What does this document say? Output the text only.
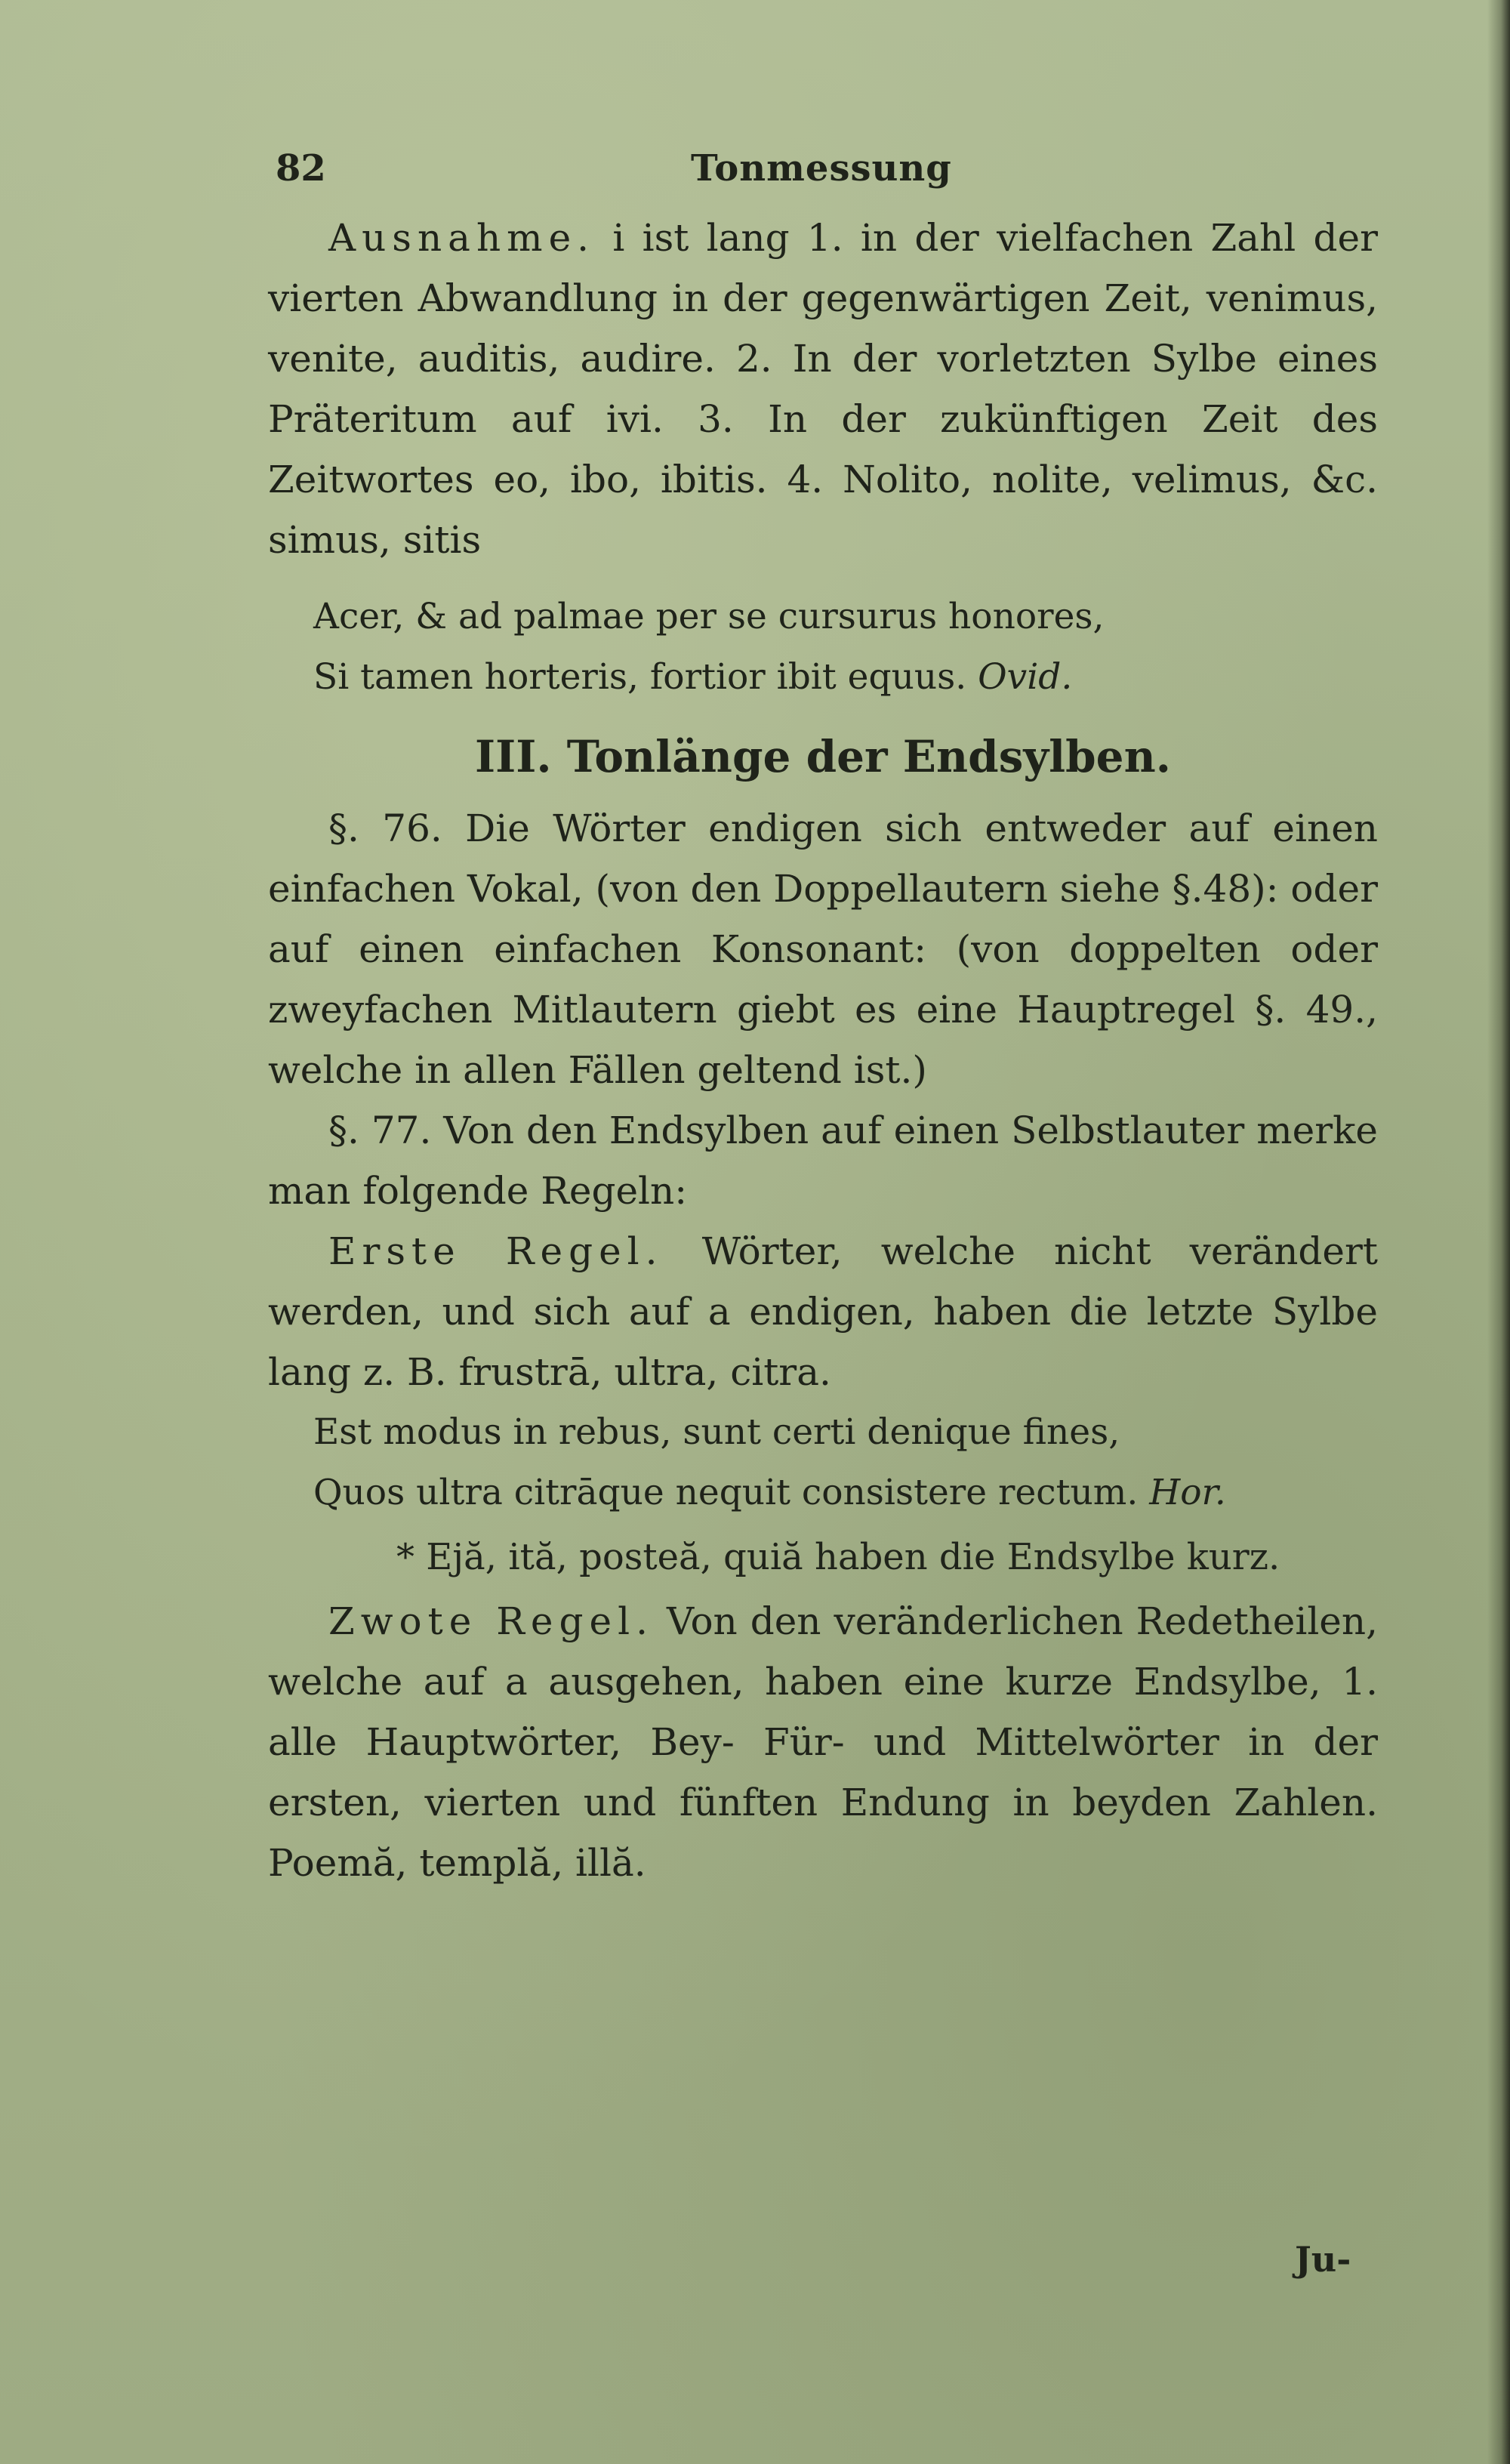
82	Tonmessung

Ausnahme. i ist lang 1. in der vielfachen Zahl der vierten Abwandlung in der gegenwärtigen Zeit, venimus, venite, auditis, audire. 2. In der vorletzten Sylbe eines Präteritum auf ivi. 3. In der zukünftigen Zeit des Zeitwortes eo, ibo, ibitis. 4. Nolito, nolite, velimus, &c. simus, sitis

Acer, & ad palmae per se cursurus honores,
Si tamen horteris, fortior ibit equus. Ovid.

III. Tonlänge der Endsylben.

§. 76. Die Wörter endigen sich entweder auf einen einfachen Vokal, (von den Doppellautern siehe §.48): oder auf einen einfachen Konsonant: (von doppelten oder zweyfachen Mitlautern giebt es eine Hauptregel §. 49., welche in allen Fällen geltend ist.)

§. 77. Von den Endsylben auf einen Selbstlauter merke man folgende Regeln:

Erste Regel. Wörter, welche nicht verändert werden, und sich auf a endigen, haben die letzte Sylbe lang z. B. frustrā, ultra, citra.

Est modus in rebus, sunt certi denique fines,
Quos ultra citrāque nequit consistere rectum. Hor.

* Ejă, ită, posteă, quiă haben die Endsylbe kurz.

Zwote Regel. Von den veränderlichen Redetheilen, welche auf a ausgehen, haben eine kurze Endsylbe, 1. alle Hauptwörter, Bey- Für- und Mittelwörter in der ersten, vierten und fünften Endung in beyden Zahlen. Poemă, templă, illă.

Ju-
